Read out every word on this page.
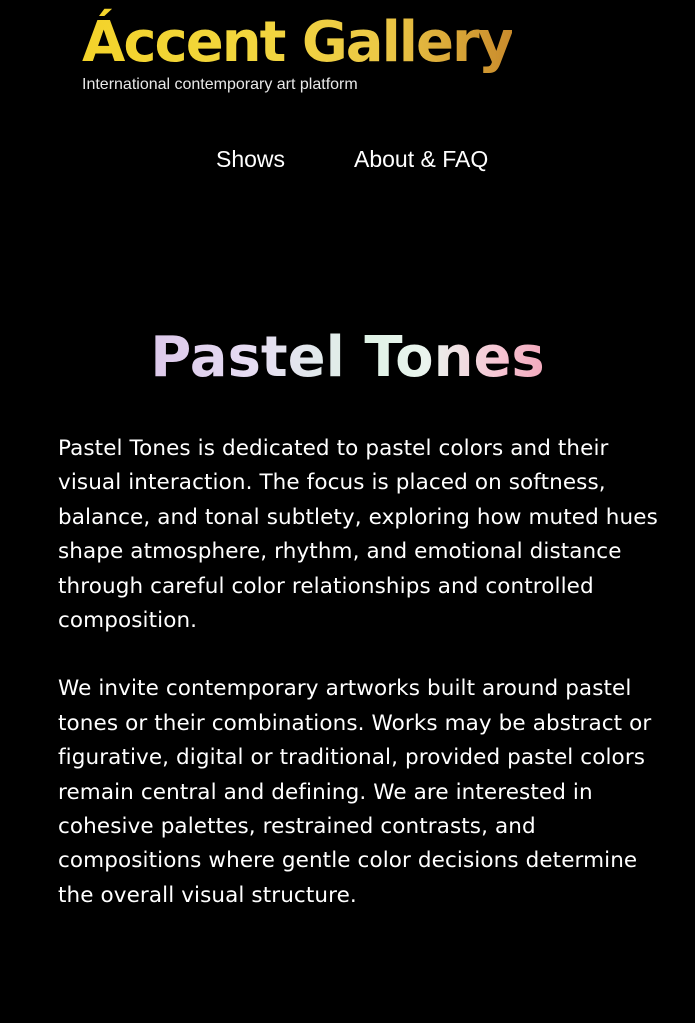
Áccent Gallery
International contemporary art platform
Shows	About & FAQ
Pastel Tones

Pastel Tones is dedicated to pastel colors and their visual interaction. The focus is placed on softness, balance, and tonal subtlety, exploring how muted hues shape atmosphere, rhythm, and emotional distance through careful color relationships and controlled composition.

We invite contemporary artworks built around pastel tones or their combinations. Works may be abstract or figurative, digital or traditional, provided pastel colors remain central and defining. We are interested in cohesive palettes, restrained contrasts, and compositions where gentle color decisions determine the overall visual structure.
